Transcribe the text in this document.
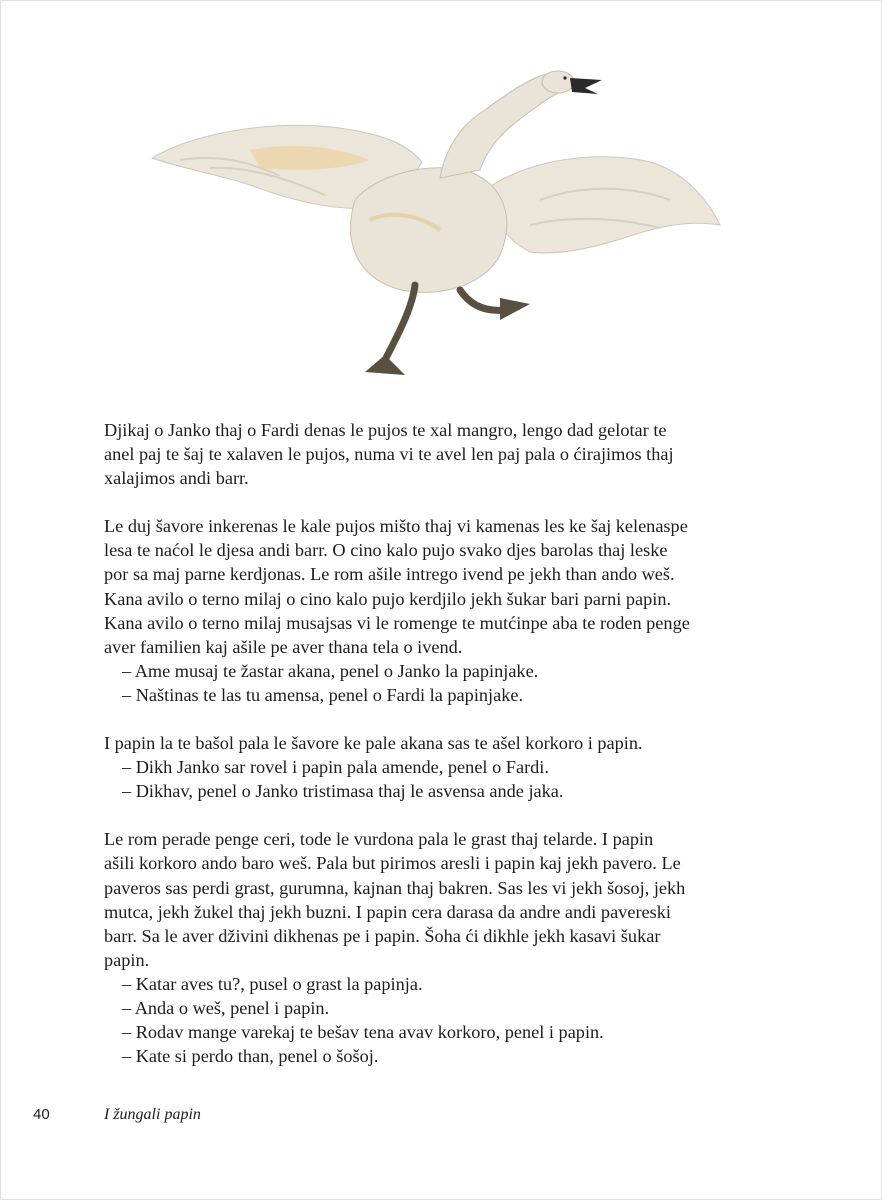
Djikaj o Janko thaj o Fardi denas le pujos te xal mangro, lengo dad gelotar te

anel paj te šaj te xalaven le pujos, numa vi te avel len paj pala o ćirajimos thaj

xalajimos andi barr.

Le duj šavore inkerenas le kale pujos mišto thaj vi kamenas les ke šaj kelenaspe

lesa te naćol le djesa andi barr. O cino kalo pujo svako djes barolas thaj leske

por sa maj parne kerdjonas. Le rom ašile intrego ivend pe jekh than ando weš.

Kana avilo o terno milaj o cino kalo pujo kerdjilo jekh šukar bari parni papin.

Kana avilo o terno milaj musajsas vi le romenge te mutćinpe aba te roden penge

aver familien kaj ašile pe aver thana tela o ivend.

– Ame musaj te žastar akana, penel o Janko la papinjake.

– Naštinas te las tu amensa, penel o Fardi la papinjake.

I papin la te bašol pala le šavore ke pale akana sas te ašel korkoro i papin.

– Dikh Janko sar rovel i papin pala amende, penel o Fardi.

– Dikhav, penel o Janko tristimasa thaj le asvensa ande jaka.

Le rom perade penge ceri, tode le vurdona pala le grast thaj telarde. I papin

ašili korkoro ando baro weš. Pala but pirimos aresli i papin kaj jekh pavero. Le

paveros sas perdi grast, gurumna, kajnan thaj bakren. Sas les vi jekh šosoj, jekh

mutca, jekh žukel thaj jekh buzni. I papin cera darasa da andre andi pavereski

barr. Sa le aver dživini dikhenas pe i papin. Šoha ći dikhle jekh kasavi šukar

papin.

– Katar aves tu?, pusel o grast la papinja.

– Anda o weš, penel i papin.

– Rodav mange varekaj te bešav tena avav korkoro, penel i papin.

– Kate si perdo than, penel o šošoj.

40	I žungali papin
